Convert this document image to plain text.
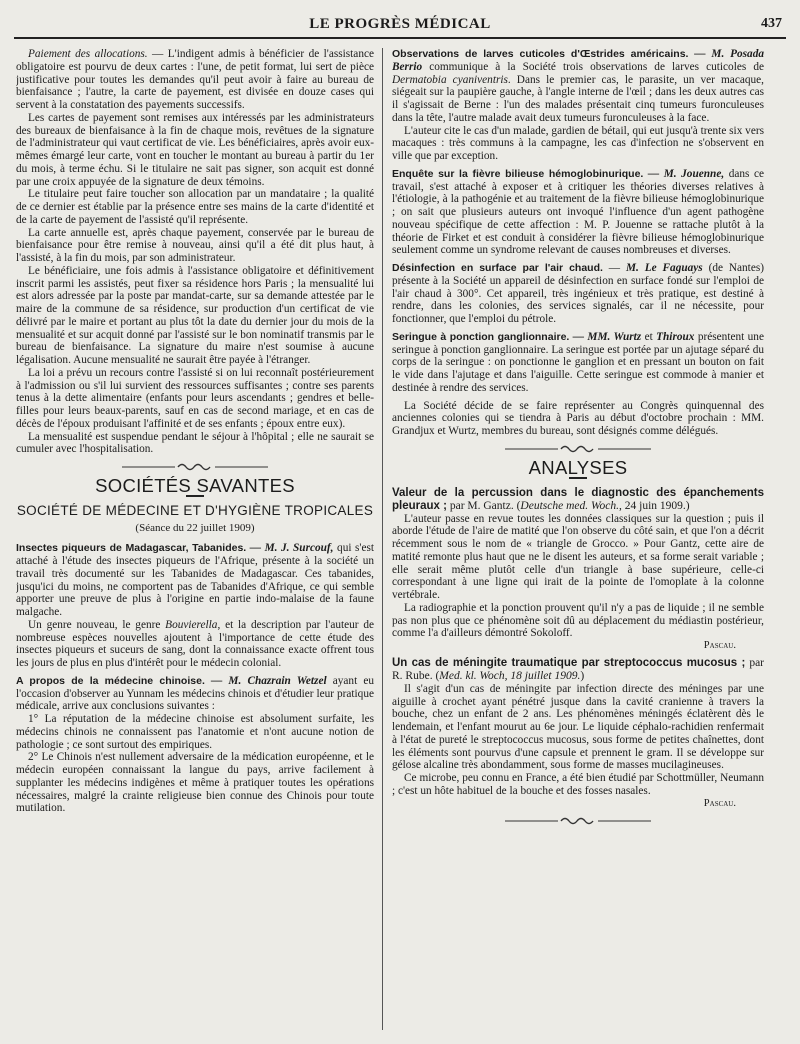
LE PROGRÈS MÉDICAL	437

Paiement des allocations. — L'indigent admis à bénéficier de l'assistance obligatoire est pourvu de deux cartes : l'une, de petit format, lui sert de pièce justificative pour toutes les demandes qu'il peut avoir à faire au bureau de bienfaisance ; l'autre, la carte de payement, est divisée en douze cases qui servent à la constatation des payements successifs.

Les cartes de payement sont remises aux intéressés par les administrateurs des bureaux de bienfaisance à la fin de chaque mois, revêtues de la signature de l'administrateur qui vaut certificat de vie. Les bénéficiaires, après avoir eux-mêmes émargé leur carte, vont en toucher le montant au bureau à partir du 1er du mois, à terme échu. Si le titulaire ne sait pas signer, son acquit est donné par une croix appuyée de la signature de deux témoins.

Le titulaire peut faire toucher son allocation par un mandataire ; la qualité de ce dernier est établie par la présence entre ses mains de la carte d'identité et de la carte de payement de l'assisté qu'il représente.

La carte annuelle est, après chaque payement, conservée par le bureau de bienfaisance pour être remise à nouveau, ainsi qu'il a été dit plus haut, à l'assisté, à la fin du mois, par son administrateur.

Le bénéficiaire, une fois admis à l'assistance obligatoire et définitivement inscrit parmi les assistés, peut fixer sa résidence hors Paris ; la mensualité lui est alors adressée par la poste par mandat-carte, sur sa demande attestée par le maire de la commune de sa résidence, sur production d'un certificat de vie délivré par le maire et portant au plus tôt la date du dernier jour du mois de la mensualité et sur acquit donné par l'assisté sur le bon nominatif transmis par le bureau de bienfaisance. La signature du maire n'est soumise à aucune légalisation. Aucune mensualité ne saurait être payée à l'étranger.

La loi a prévu un recours contre l'assisté si on lui reconnaît postérieurement à l'admission ou s'il lui survient des ressources suffisantes ; contre ses parents tenus à la dette alimentaire (enfants pour leurs ascendants ; gendres et belle-filles pour leurs beaux-parents, sauf en cas de second mariage, et en cas de décès de l'époux produisant l'affinité et de ses enfants ; époux entre eux).

La mensualité est suspendue pendant le séjour à l'hôpital ; elle ne saurait se cumuler avec l'hospitalisation.

SOCIÉTÉS SAVANTES
SOCIÉTÉ DE MÉDECINE ET D'HYGIÈNE TROPICALES
(Séance du 22 juillet 1909)

Insectes piqueurs de Madagascar, Tabanides. — M. J. Surcouf, qui s'est attaché à l'étude des insectes piqueurs de l'Afrique, présente à la société un travail très documenté sur les Tabanides de Madagascar. Ces tabanides, jusqu'ici du moins, ne comportent pas de Tabanides d'Afrique, ce qui semble apporter une preuve de plus à l'origine en partie indo-malaise de la faune malgache.

Un genre nouveau, le genre Bouvierella, et la description par l'auteur de nombreuse espèces nouvelles ajoutent à l'importance de cette étude des insectes piqueurs et suceurs de sang, dont la connaissance exacte offrent tous les jours de plus en plus d'intérêt pour le médecin colonial.

A propos de la médecine chinoise. — M. Chazrain Wetzel ayant eu l'occasion d'observer au Yunnam les médecins chinois et d'étudier leur pratique médicale, arrive aux conclusions suivantes :

1° La réputation de la médecine chinoise est absolument surfaite, les médecins chinois ne connaissent pas l'anatomie et n'ont aucune notion de pathologie ; ce sont surtout des empiriques.

2° Le Chinois n'est nullement adversaire de la médication européenne, et le médecin européen connaissant la langue du pays, arrive facilement à supplanter les médecins indigènes et même à pratiquer toutes les opérations nécessaires, malgré la crainte religieuse bien connue des Chinois pour toute mutilation.

Observations de larves cuticoles d'Œstrides américains. — M. Posada Berrio communique à la Société trois observations de larves cuticoles de Dermatobia cyaniventris. Dans le premier cas, le parasite, un ver macaque, siégeait sur la paupière gauche, à l'angle interne de l'œil ; dans les deux autres cas il s'agissait de Berne : l'un des malades présentait cinq tumeurs furonculeuses dans la tête, l'autre malade avait deux tumeurs furonculeuses à la face.

L'auteur cite le cas d'un malade, gardien de bétail, qui eut jusqu'à trente six vers macaques : très communs à la campagne, les cas d'infection ne s'observent en ville que par exception.

Enquête sur la fièvre bilieuse hémoglobinurique. — M. Jouenne, dans ce travail, s'est attaché à exposer et à critiquer les théories diverses relatives à l'étiologie, à la pathogénie et au traitement de la fièvre bilieuse hémoglobinurique ; on sait que plusieurs auteurs ont invoqué l'influence d'un agent pathogène nouveau spécifique de cette affection : M. P. Jouenne se rattache plutôt à la théorie de Firket et est conduit à considérer la fièvre bilieuse hémoglobinurique seulement comme un syndrome relevant de causes nombreuses et diverses.

Désinfection en surface par l'air chaud. — M. Le Faguays (de Nantes) présente à la Société un appareil de désinfection en surface fondé sur l'emploi de l'air chaud à 300°. Cet appareil, très ingénieux et très pratique, est destiné à rendre, dans les colonies, des services signalés, car il ne nécessite, pour fonctionner, que l'emploi du pétrole.

Seringue à ponction ganglionnaire. — MM. Wurtz et Thiroux présentent une seringue à ponction ganglionnaire. La seringue est portée par un ajutage séparé du corps de la seringue : on ponctionne le ganglion et en pressant un bouton on fait le vide dans l'ajutage et dans l'aiguille. Cette seringue est commode à manier et destinée à rendre des services.

La Société décide de se faire représenter au Congrès quinquennal des anciennes colonies qui se tiendra à Paris au début d'octobre prochain : MM. Grandjux et Wurtz, membres du bureau, sont désignés comme délégués.

ANALYSES
Valeur de la percussion dans le diagnostic des épanchements pleuraux ; par M. Gantz. (Deutsche med. Woch., 24 juin 1909.)

L'auteur passe en revue toutes les données classiques sur la question ; puis il aborde l'étude de l'aire de matité que l'on observe du côté sain, et que l'on a décrit récemment sous le nom de « triangle de Grocco. » Pour Gantz, cette aire de matité remonte plus haut que ne le disent les auteurs, et sa forme serait variable ; elle serait même plutôt celle d'un triangle à base supérieure, celle-ci correspondant à une ligne qui irait de la pointe de l'omoplate à la colonne vertébrale.

La radiographie et la ponction prouvent qu'il n'y a pas de liquide ; il ne semble pas non plus que ce phénomène soit dû au déplacement du médiastin postérieur, comme l'a d'ailleurs démontré Sokoloff.

Pascau.
Un cas de méningite traumatique par streptococcus mucosus ; par R. Rube. (Med. kl. Woch, 18 juillet 1909.)

Il s'agit d'un cas de méningite par infection directe des méninges par une aiguille à crochet ayant pénétré jusque dans la cavité cranienne à travers la bouche, chez un enfant de 2 ans. Les phénomènes méningés éclatèrent dès le lendemain, et l'enfant mourut au 6e jour. Le liquide céphalo-rachidien renfermait à l'état de pureté le streptococcus mucosus, sous forme de petites chaînettes, dont les éléments sont pourvus d'une capsule et prennent le gram. Il se développe sur gélose alcaline très abondamment, sous forme de masses mucilagineuses.

Ce microbe, peu connu en France, a été bien étudié par Schottmüller, Neumann ; c'est un hôte habituel de la bouche et des fosses nasales.

Pascau.
